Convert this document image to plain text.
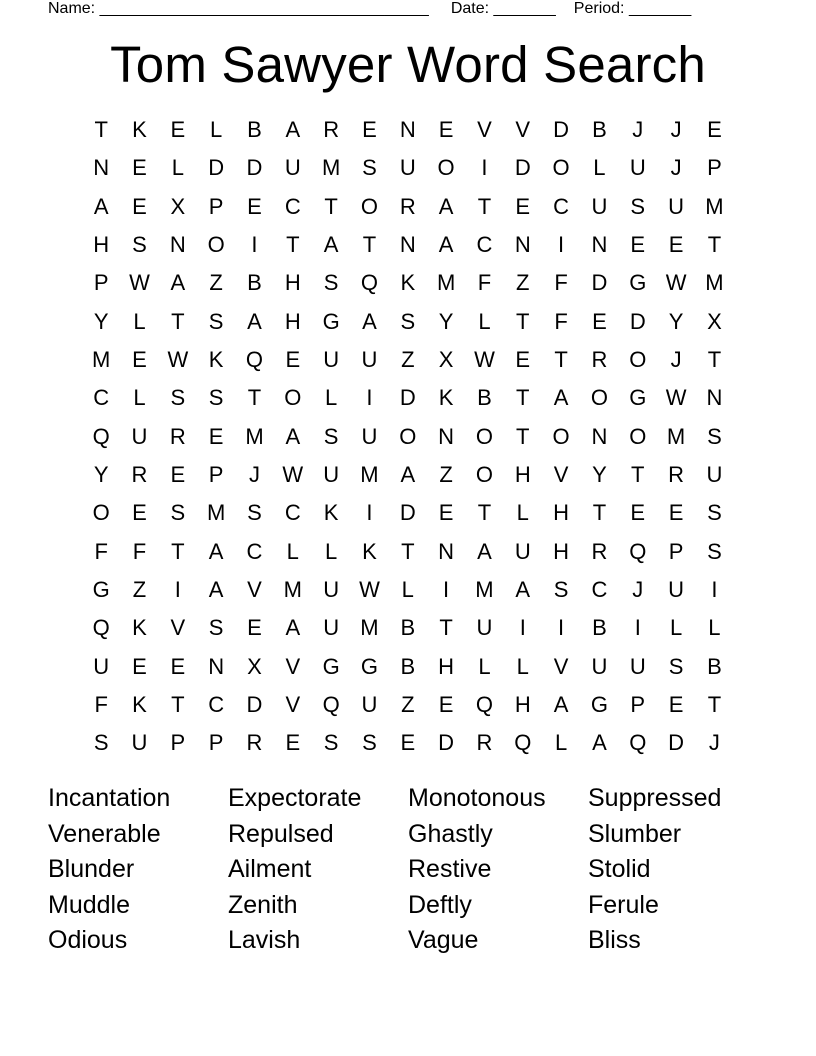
Name: _____________________________________ Date: _______ Period: _______
Tom Sawyer Word Search
T	K	E	L	B	A	R	E	N	E	V	V	D	B	J	J	E
N	E	L	D	D	U M S	U O	I	D O	L	U	J	P
A	E	X	P	E	C	T	O R	A	T	E	C	U	S	U M
H	S	N O	I	T	A	T	N	A	C	N	I	N	E	E	T
P W A	Z	B	H	S	Q	K M	F	Z	F	D G W M
Y	L	T	S	A	H G	A	S	Y	L	T	F	E	D	Y	X
M E W K	Q	E	U	U	Z	X W E	T	R O	J	T
C	L	S	S	T	O	L	I	D	K	B	T	A	O G W N
Q U	R	E M A	S	U O N O	T	O N O M S
Y	R	E	P	J	W U M A	Z	O H	V	Y	T	R	U
O	E	S M S	C	K	I	D	E	T	L	H	T	E	E	S
F	F	T	A	C	L	L	K	T	N	A	U	H	R Q	P	S
G	Z	I	A	V M U W L	I	M A	S	C	J	U	I
Q	K	V	S	E	A	U M B	T	U	I	I	B	I	L	L
U	E	E	N	X	V	G G	B	H	L	L	V	U	U	S	B
F	K	T	C	D	V	Q U	Z	E	Q H	A	G	P	E	T
S	U	P	P	R	E	S	S	E	D	R Q	L	A	Q D	J
Incantation	Expectorate	Monotonous	Suppressed
Venerable	Repulsed	Ghastly	Slumber
Blunder	Ailment	Restive	Stolid
Muddle	Zenith	Deftly	Ferule
Odious	Lavish	Vague	Bliss
